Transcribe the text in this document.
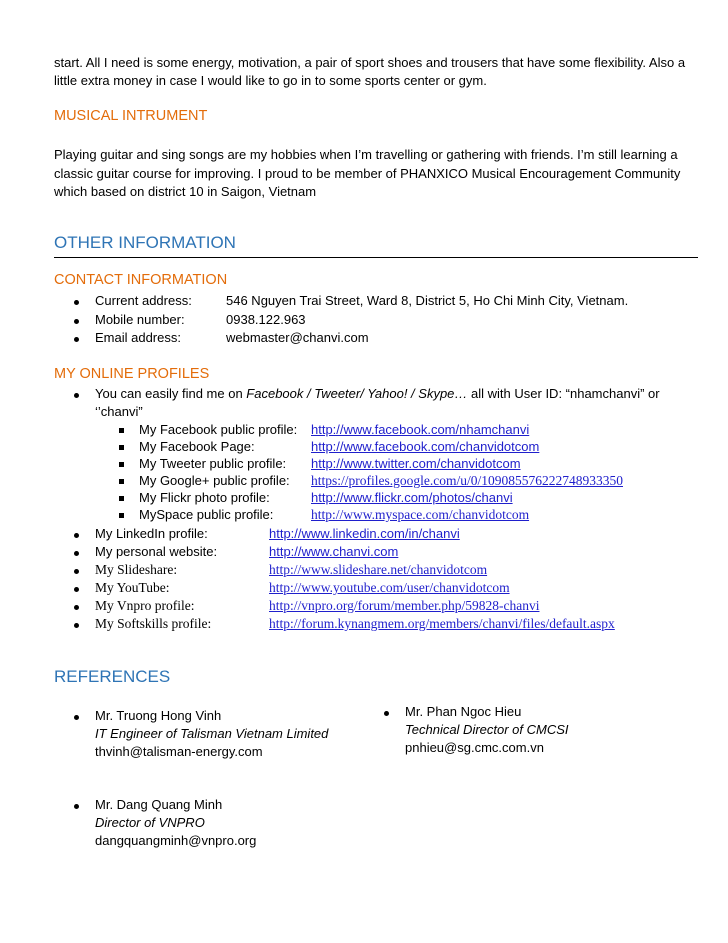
start. All I need is some energy, motivation, a pair of sport shoes and trousers that have some flexibility. Also a
little extra money in case I would like to go in to some sports center or gym.
MUSICAL INTRUMENT
Playing guitar and sing songs are my hobbies when I’m travelling or gathering with friends. I’m still learning a
classic guitar course for improving. I proud to be member of PHANXICO Musical Encouragement Community
which based on district 10 in Saigon, Vietnam
OTHER INFORMATION
CONTACT INFORMATION
Current address:	546 Nguyen Trai Street, Ward 8, District 5, Ho Chi Minh City, Vietnam.
Mobile number:	0938.122.963
Email address:	webmaster@chanvi.com
MY ONLINE PROFILES
You can easily find me on Facebook / Tweeter/ Yahoo! / Skype… all with User ID: “nhamchanvi” or
‘’chanvi”
My Facebook public profile: http://www.facebook.com/nhamchanvi
My Facebook Page:	http://www.facebook.com/chanvidotcom
My Tweeter public profile: http://www.twitter.com/chanvidotcom
My Google+ public profile: https://profiles.google.com/u/0/109085576222748933350
My Flickr photo profile:	http://www.flickr.com/photos/chanvi
MySpace public profile:	http://www.myspace.com/chanvidotcom
My LinkedIn profile:	http://www.linkedin.com/in/chanvi
My personal website:	http://www.chanvi.com
My Slideshare:	http://www.slideshare.net/chanvidotcom
My YouTube:	http://www.youtube.com/user/chanvidotcom
My Vnpro profile:	http://vnpro.org/forum/member.php/59828-chanvi
My Softskills profile:	http://forum.kynangmem.org/members/chanvi/files/default.aspx
REFERENCES
Mr. Truong Hong Vinh
IT Engineer of Talisman Vietnam Limited
thvinh@talisman-energy.com
Mr. Phan Ngoc Hieu
Technical Director of CMCSI
pnhieu@sg.cmc.com.vn
Mr. Dang Quang Minh
Director of VNPRO
dangquangminh@vnpro.org
